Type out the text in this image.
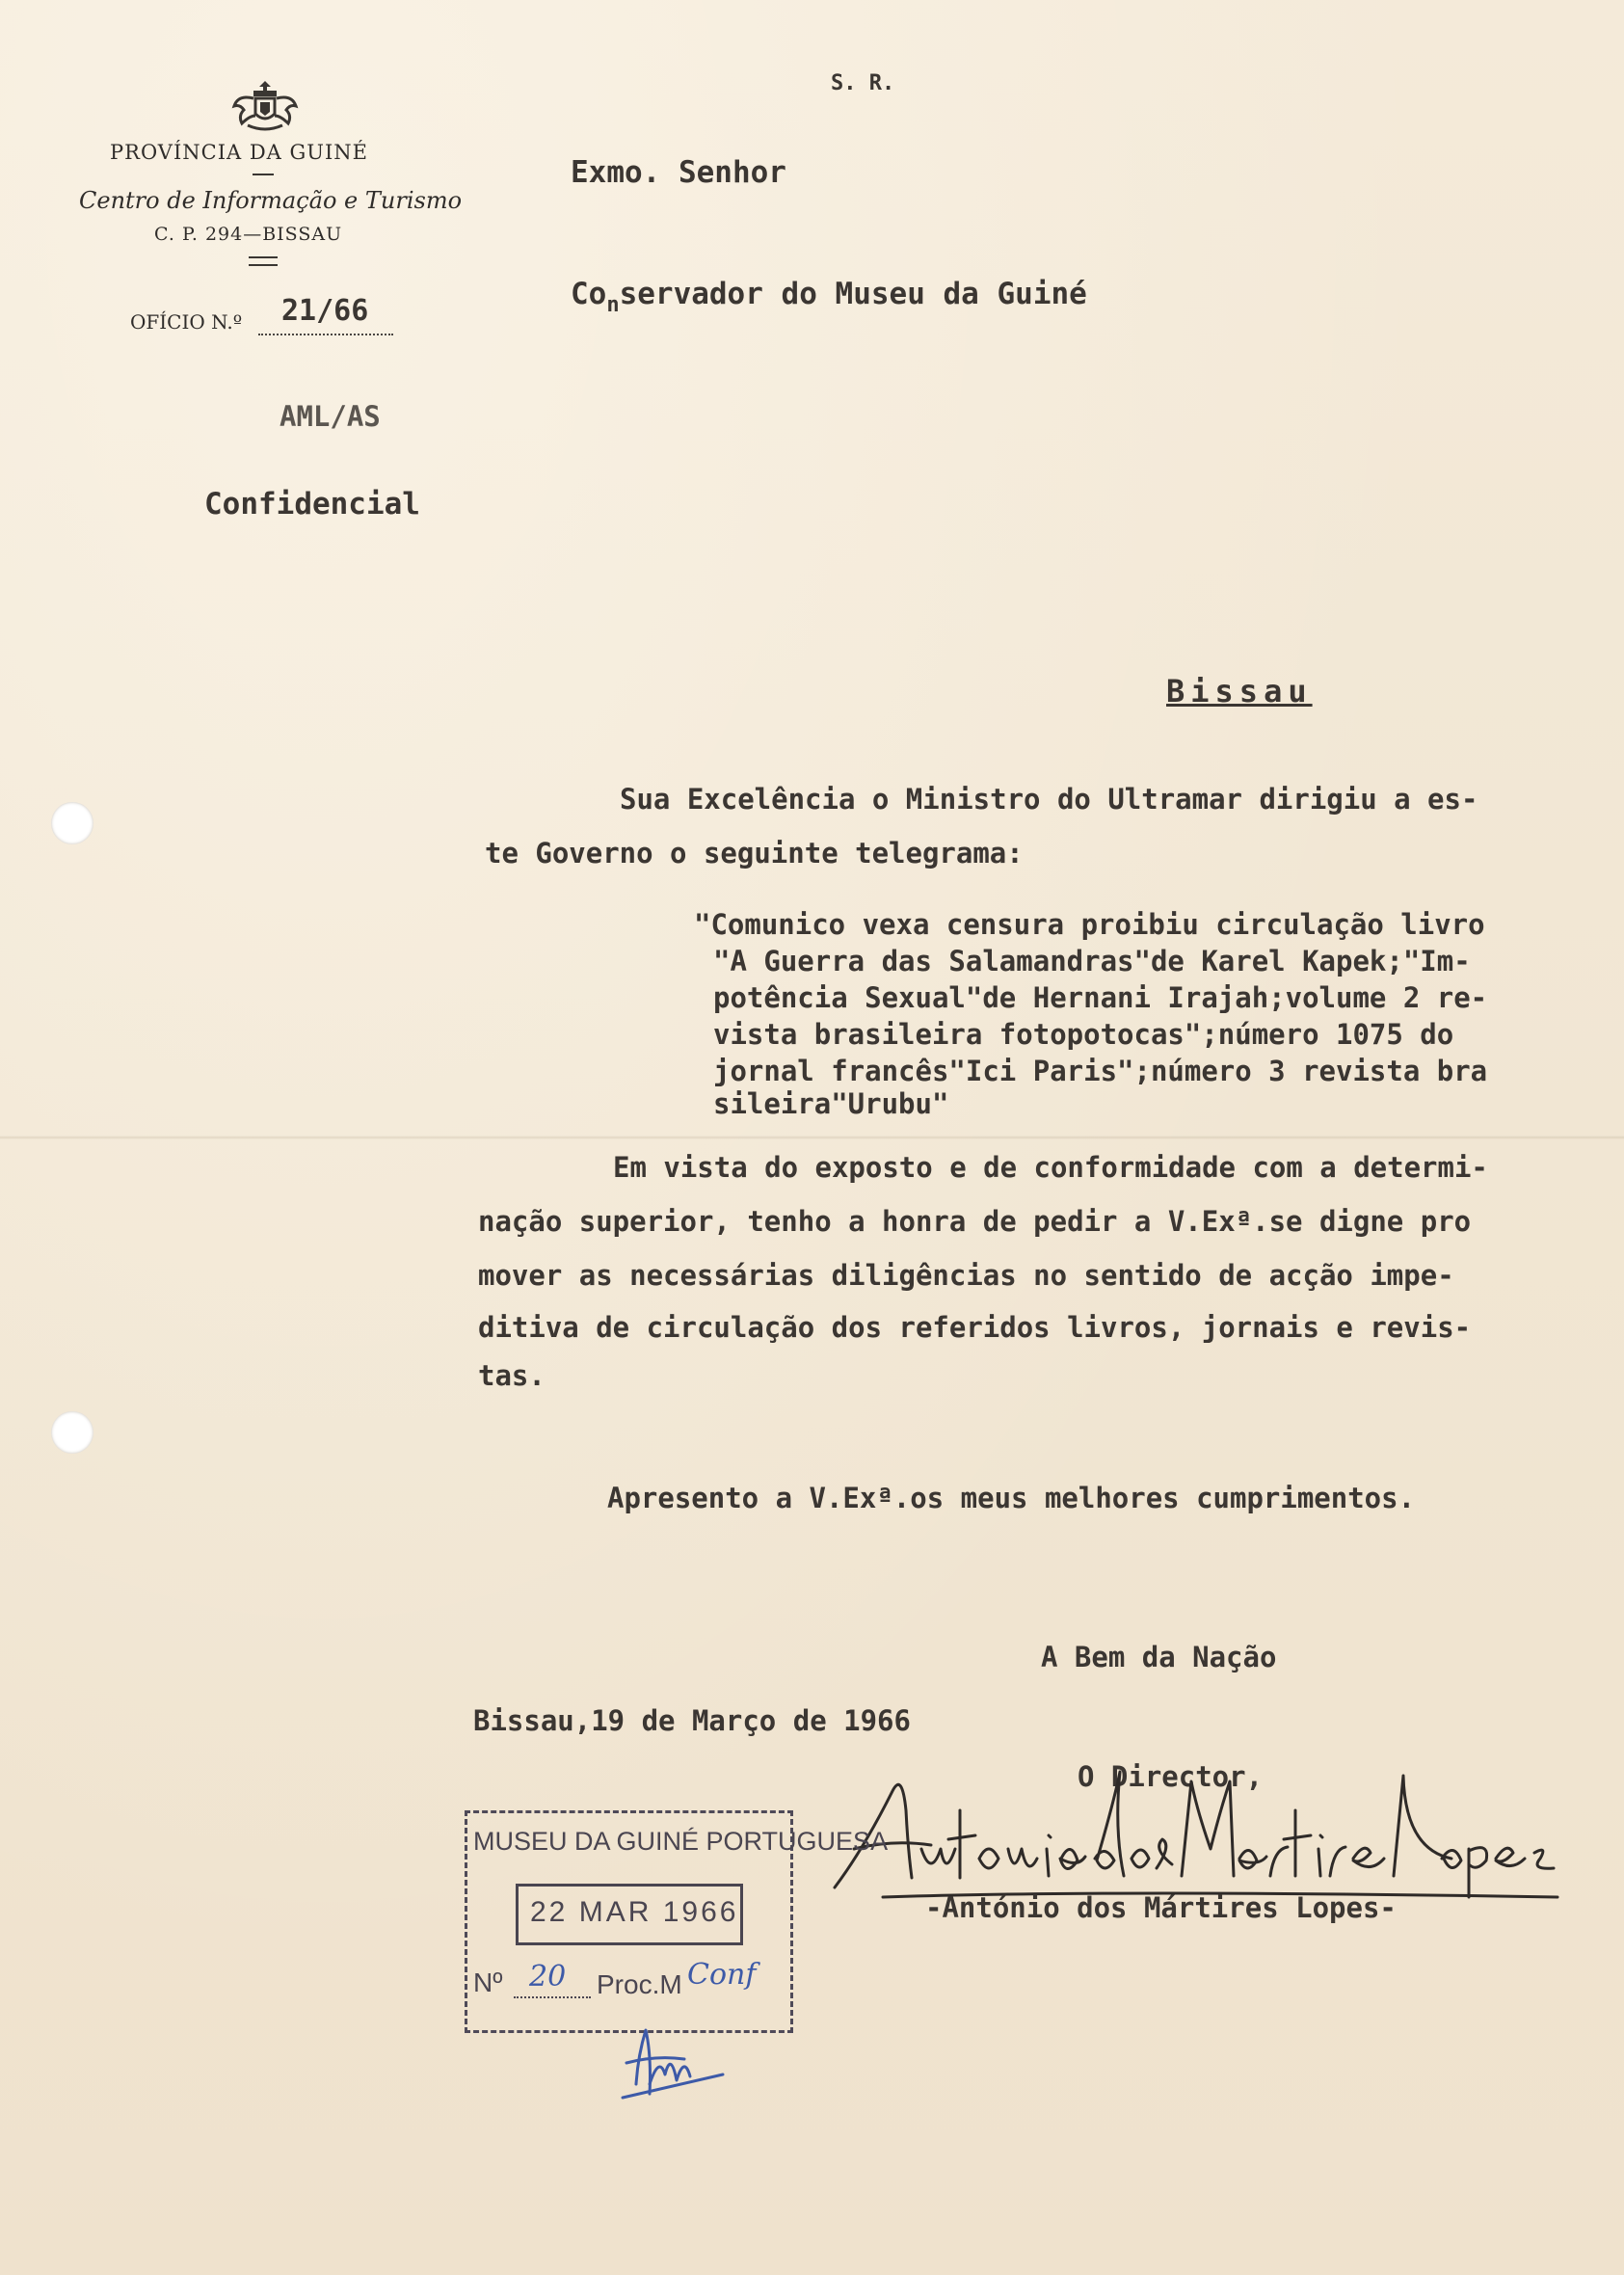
PROVÍNCIA DA GUINÉ
Centro de Informação e Turismo
C. P. 294—BISSAU
OFÍCIO N.º 21/66
AML/AS
Confidencial
S. R.
Exmo. Senhor
$Co_nservador$ do Museu da Guiné
Bissau
Sua Excelência o Ministro do Ultramar dirigiu a es-
te Governo o seguinte telegrama:
"Comunico vexa censura proibiu circulação livro
"A Guerra das Salamandras"de Karel Kapek;"Im-
potência Sexual"de Hernani Irajah;volume 2 re-
vista brasileira fotopotocas";número 1075 do
jornal francês"Ici Paris";número 3 revista bra
sileira"Urubu"
Em vista do exposto e de conformidade com a determi-
nação superior, tenho a honra de pedir a V.Exª.se digne pro
mover as necessárias diligências no sentido de acção impe-
ditiva de circulação dos referidos livros, jornais e revis-
tas.
Apresento a V.Exª.os meus melhores cumprimentos.
A Bem da Nação
Bissau,19 de Março de 1966
O Director,
-António dos Mártires Lopes-
MUSEU DA GUINÉ PORTUGUESA
22 MAR 1966
Nº 20 Proc.M Conf
